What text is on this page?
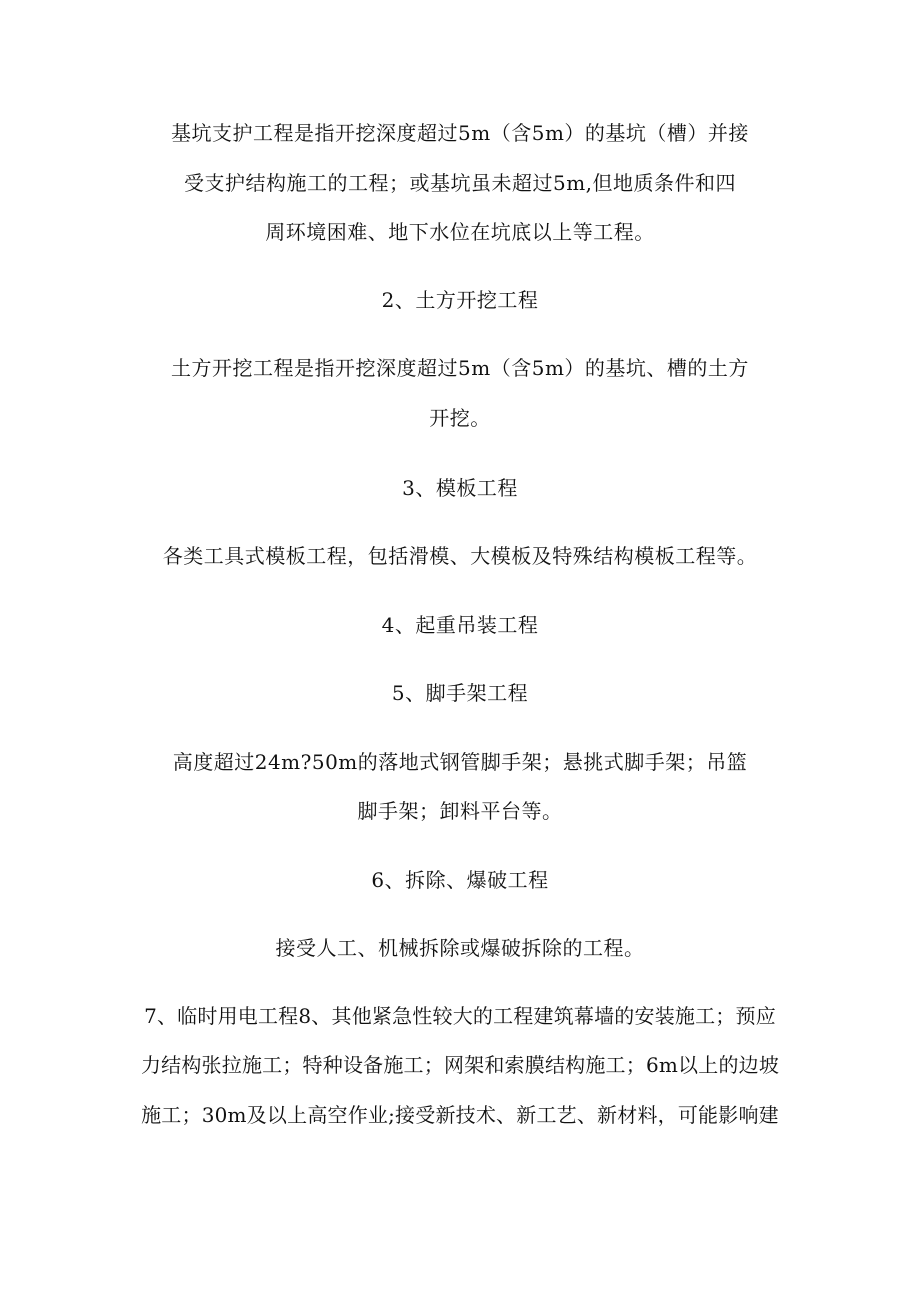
基坑支护工程是指开挖深度超过5m（含5m）的基坑（槽）并接
受支护结构施工的工程；或基坑虽未超过5m,但地质条件和四
周环境困难、地下水位在坑底以上等工程。
2、土方开挖工程
土方开挖工程是指开挖深度超过5m（含5m）的基坑、槽的土方
开挖。
3、模板工程
各类工具式模板工程，包括滑模、大模板及特殊结构模板工程等。
4、起重吊装工程
5、脚手架工程
高度超过24m?50m的落地式钢管脚手架；悬挑式脚手架；吊篮
脚手架；卸料平台等。
6、拆除、爆破工程
接受人工、机械拆除或爆破拆除的工程。
7、临时用电工程8、其他紧急性较大的工程建筑幕墙的安装施工；预应
力结构张拉施工；特种设备施工；网架和索膜结构施工；6m以上的边坡
施工；30m及以上高空作业;接受新技术、新工艺、新材料，可能影响建
